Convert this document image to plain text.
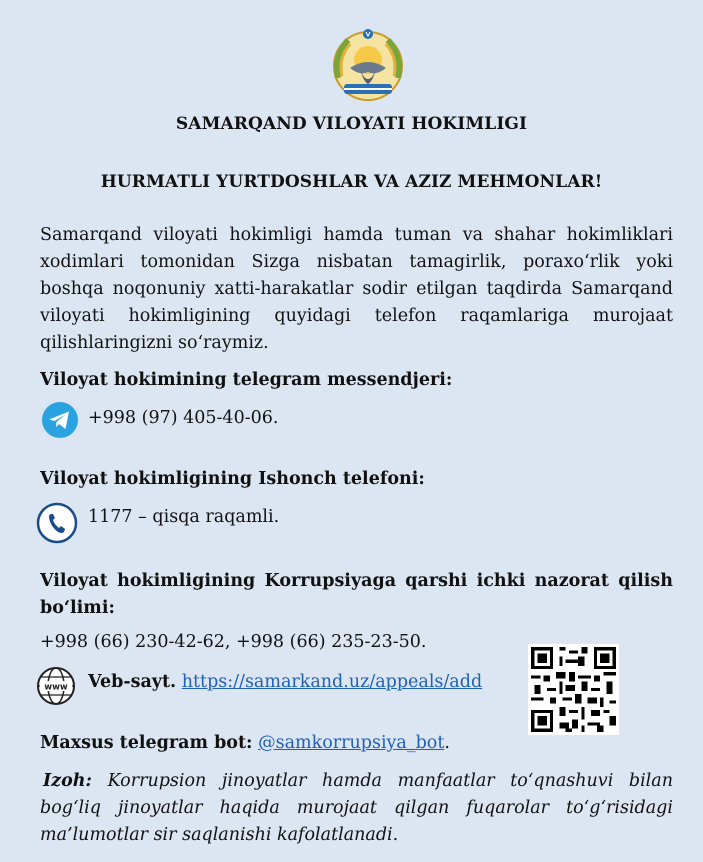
SAMARQAND VILOYATI HOKIMLIGI
HURMATLI YURTDOSHLAR VA AZIZ MEHMONLAR!
Samarqand viloyati hokimligi hamda tuman va shahar hokimliklari xodimlari tomonidan Sizga nisbatan tamagirlik, poraxo‘rlik yoki boshqa noqonuniy xatti-harakatlar sodir etilgan taqdirda Samarqand viloyati hokimligining quyidagi telefon raqamlariga murojaat qilishlaringizni so‘raymiz.
Viloyat hokimining telegram messendjeri:
+998 (97) 405-40-06.
Viloyat hokimligining Ishonch telefoni:
1177 – qisqa raqamli.
Viloyat hokimligining Korrupsiyaga qarshi ichki nazorat qilish bo‘limi:
+998 (66) 230-42-62, +998 (66) 235-23-50.
www Veb-sayt. https://samarkand.uz/appeals/add
Maxsus telegram bot: @samkorrupsiya_bot.
Izoh: Korrupsion jinoyatlar hamda manfaatlar to‘qnashuvi bilan bog‘liq jinoyatlar haqida murojaat qilgan fuqarolar to‘g‘risidagi ma’lumotlar sir saqlanishi kafolatlanadi.
